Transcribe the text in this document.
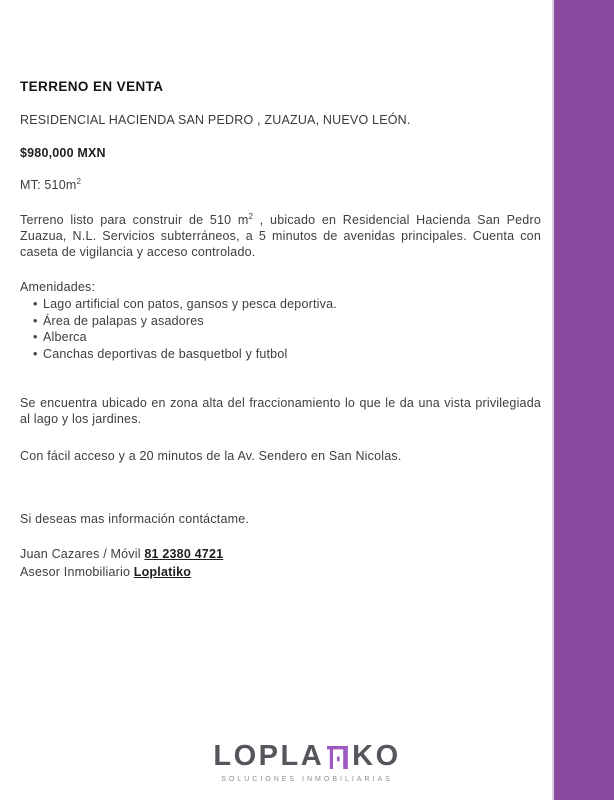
TERRENO EN VENTA
RESIDENCIAL HACIENDA SAN PEDRO , ZUAZUA, NUEVO LEÓN.
$980,000 MXN
MT: $510m^2$
Terreno listo para construir de 510 $m^2$ , ubicado en Residencial Hacienda San Pedro Zuazua, N.L. Servicios subterráneos, a 5 minutos de avenidas principales. Cuenta con caseta de vigilancia y acceso controlado.
Amenidades:
• Lago artificial con patos, gansos y pesca deportiva.
• Área de palapas y asadores
• Alberca
• Canchas deportivas de basquetbol y futbol
Se encuentra ubicado en zona alta del fraccionamiento lo que le da una vista privilegiada al lago y los jardines.
Con fácil acceso y a 20 minutos de la Av. Sendero en San Nicolas.
Si deseas mas información contáctame.
Juan Cazares / Móvil 81 2380 4721
Asesor Inmobiliario Loplatiko
LOPLA KO
SOLUCIONES INMOBILIARIAS
